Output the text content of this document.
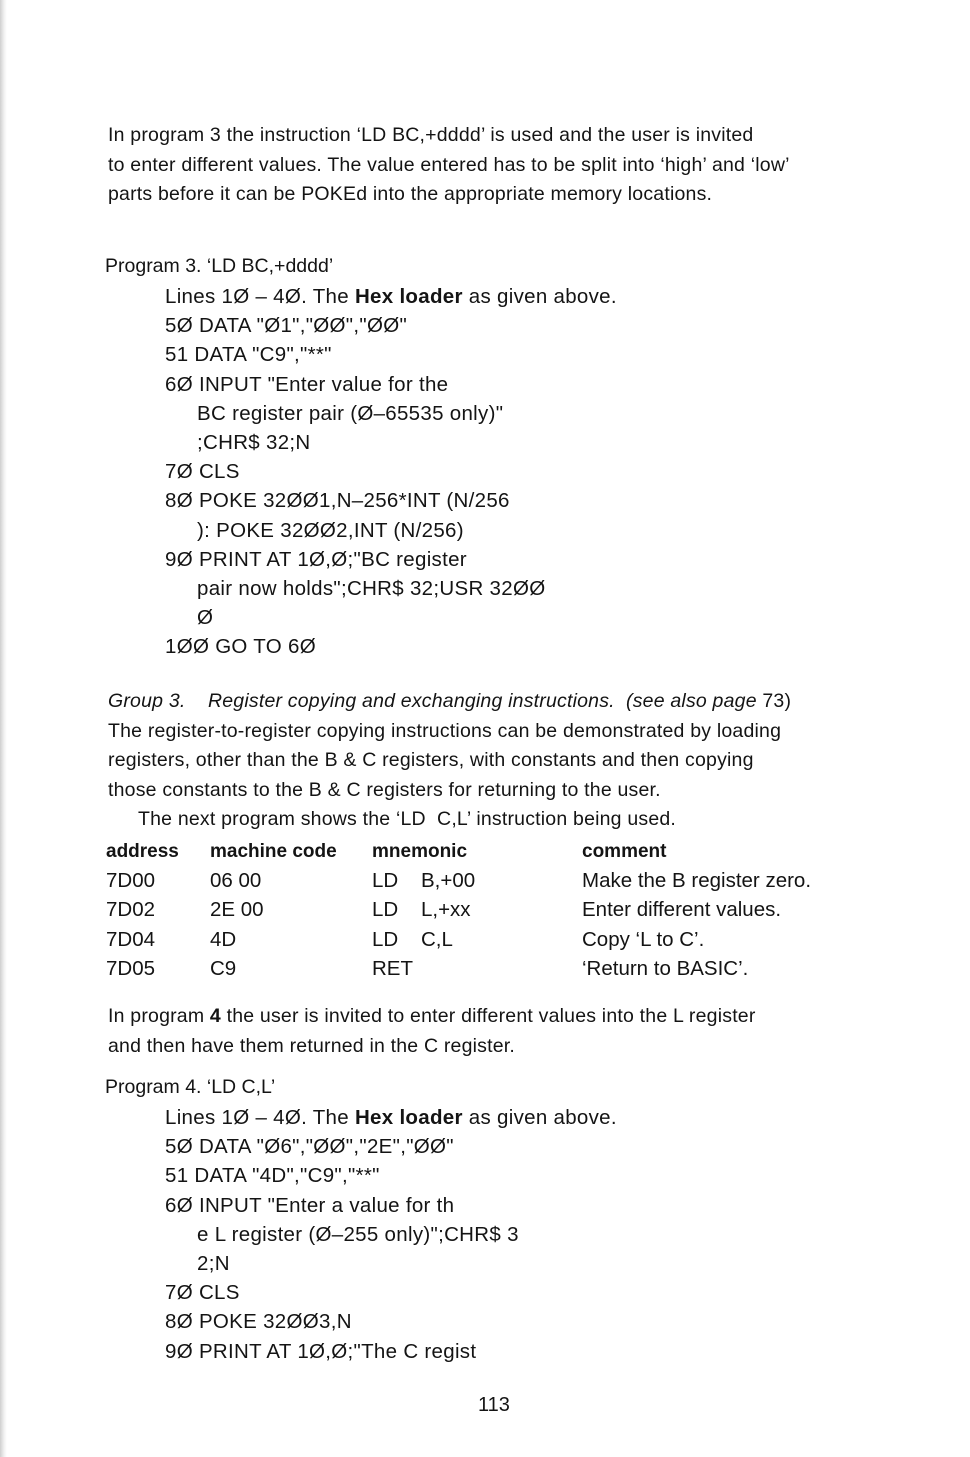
In program 3 the instruction ‘LD BC,+dddd’ is used and the user is invited
to enter different values. The value entered has to be split into ‘high’ and ‘low’
parts before it can be POKEd into the appropriate memory locations.
Program 3. ‘LD BC,+dddd’
Lines 1Ø – 4Ø. The Hex loader as given above.
5Ø DATA "Ø1","ØØ","ØØ"
51 DATA "C9","**"
6Ø INPUT "Enter value for the
BC register pair (Ø–65535 only)"
;CHR$ 32;N
7Ø CLS
8Ø POKE 32ØØ1,N–256*INT (N/256
): POKE 32ØØ2,INT (N/256)
9Ø PRINT AT 1Ø,Ø;"BC register
pair now holds";CHR$ 32;USR 32ØØ
Ø
1ØØ GO TO 6Ø
Group 3. Register copying and exchanging instructions.  (see also page 73)
The register-to-register copying instructions can be demonstrated by loading
registers, other than the B & C registers, with constants and then copying
those constants to the B & C registers for returning to the user.
The next program shows the ‘LD  C,L’ instruction being used.
address	machine code	mnemonic	comment
7D00	06 00	LD    B,+00	Make the B register zero.
7D02	2E 00	LD    L,+xx	Enter different values.
7D04	4D	LD    C,L	Copy ‘L to C’.
7D05	C9	RET	‘Return to BASIC’.
In program 4 the user is invited to enter different values into the L register
and then have them returned in the C register.
Program 4. ‘LD C,L’
Lines 1Ø – 4Ø. The Hex loader as given above.
5Ø DATA "Ø6","ØØ","2E","ØØ"
51 DATA "4D","C9","**"
6Ø INPUT "Enter a value for th
e L register (Ø–255 only)";CHR$ 3
2;N
7Ø CLS
8Ø POKE 32ØØ3,N
9Ø PRINT AT 1Ø,Ø;"The C regist
113
